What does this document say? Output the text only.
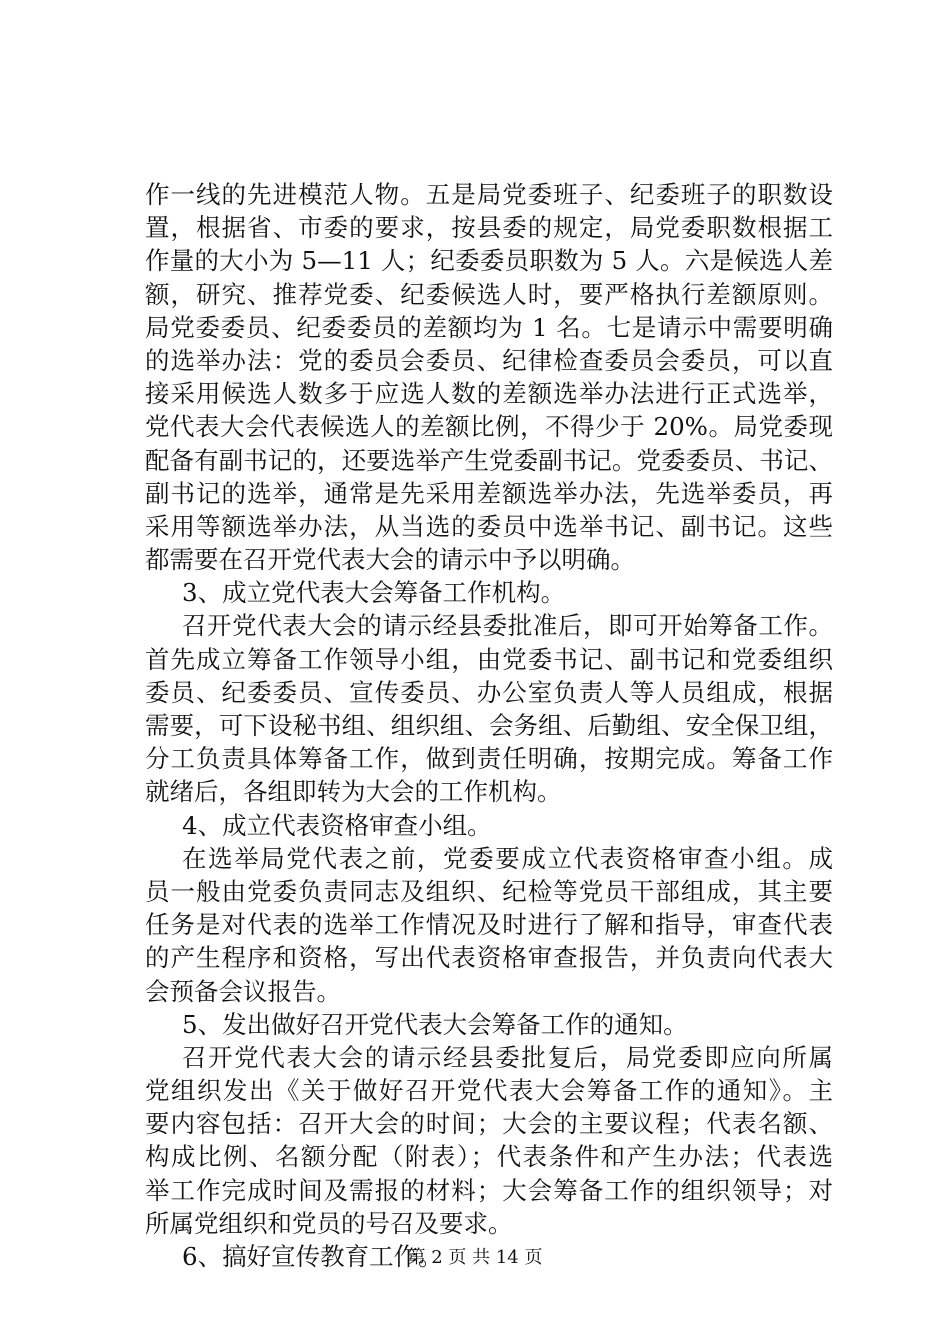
作一线的先进模范人物。五是局党委班子、纪委班子的职数设
置，根据省、市委的要求，按县委的规定，局党委职数根据工
作量的大小为 5—11 人；纪委委员职数为 5 人。六是候选人差
额，研究、推荐党委、纪委候选人时，要严格执行差额原则。
局党委委员、纪委委员的差额均为 1 名。七是请示中需要明确
的选举办法：党的委员会委员、纪律检查委员会委员，可以直
接采用候选人数多于应选人数的差额选举办法进行正式选举，
党代表大会代表候选人的差额比例，不得少于 20%。局党委现
配备有副书记的，还要选举产生党委副书记。党委委员、书记、
副书记的选举，通常是先采用差额选举办法，先选举委员，再
采用等额选举办法，从当选的委员中选举书记、副书记。这些
都需要在召开党代表大会的请示中予以明确。
3、成立党代表大会筹备工作机构。
召开党代表大会的请示经县委批准后，即可开始筹备工作。
首先成立筹备工作领导小组，由党委书记、副书记和党委组织
委员、纪委委员、宣传委员、办公室负责人等人员组成，根据
需要，可下设秘书组、组织组、会务组、后勤组、安全保卫组，
分工负责具体筹备工作，做到责任明确，按期完成。筹备工作
就绪后，各组即转为大会的工作机构。
4、成立代表资格审查小组。
在选举局党代表之前，党委要成立代表资格审查小组。成
员一般由党委负责同志及组织、纪检等党员干部组成，其主要
任务是对代表的选举工作情况及时进行了解和指导，审查代表
的产生程序和资格，写出代表资格审查报告，并负责向代表大
会预备会议报告。
5、发出做好召开党代表大会筹备工作的通知。
召开党代表大会的请示经县委批复后，局党委即应向所属
党组织发出《关于做好召开党代表大会筹备工作的通知》。主
要内容包括：召开大会的时间；大会的主要议程；代表名额、
构成比例、名额分配（附表）；代表条件和产生办法；代表选
举工作完成时间及需报的材料；大会筹备工作的组织领导；对
所属党组织和党员的号召及要求。
6、搞好宣传教育工作。
第 2 页 共 14 页
